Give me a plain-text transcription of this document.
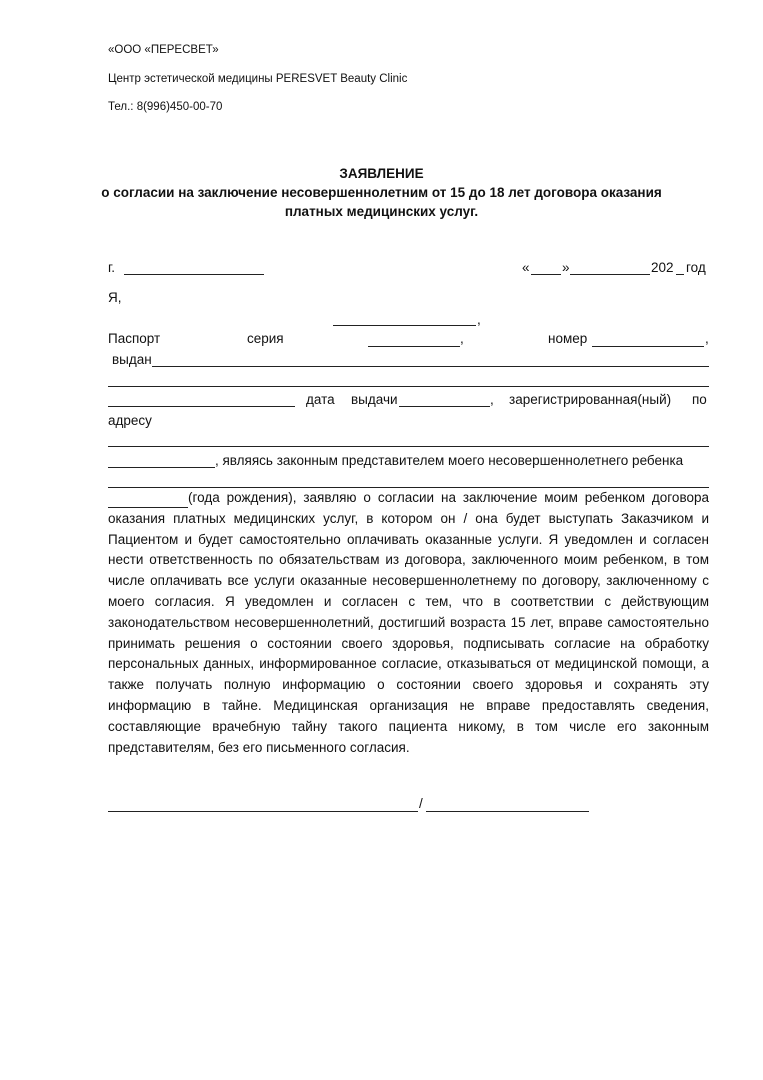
«ООО «ПЕРЕСВЕТ»
Центр эстетической медицины PERESVET Beauty Clinic
Тел.: 8(996)450-00-70
ЗАЯВЛЕНИЕ
о согласии на заключение несовершеннолетним от 15 до 18 лет договора оказания
платных медицинских услуг.
г.	« »	202 год
Я,
,
Паспорт	серия	,	номер	,
выдан
дата выдачи	, зарегистрированная(ный) по
адресу
, являясь законным представителем моего несовершеннолетнего ребенка

(года рождения), заявляю о согласии на заключение моим ребенком договора оказания платных медицинских услуг, в котором он / она будет выступать Заказчиком и Пациентом и будет самостоятельно оплачивать оказанные услуги. Я уведомлен и согласен нести ответственность по обязательствам из договора, заключенного моим ребенком, в том числе оплачивать все услуги оказанные несовершеннолетнему по договору, заключенному с моего согласия. Я уведомлен и согласен с тем, что в соответствии с действующим законодательством несовершеннолетний, достигший возраста 15 лет, вправе самостоятельно принимать решения о состоянии своего здоровья, подписывать согласие на обработку персональных данных, информированное согласие, отказываться от медицинской помощи, а также получать полную информацию о состоянии своего здоровья и сохранять эту информацию в тайне. Медицинская организация не вправе предоставлять сведения, составляющие врачебную тайну такого пациента никому, в том числе его законным представителям, без его письменного согласия.

/
